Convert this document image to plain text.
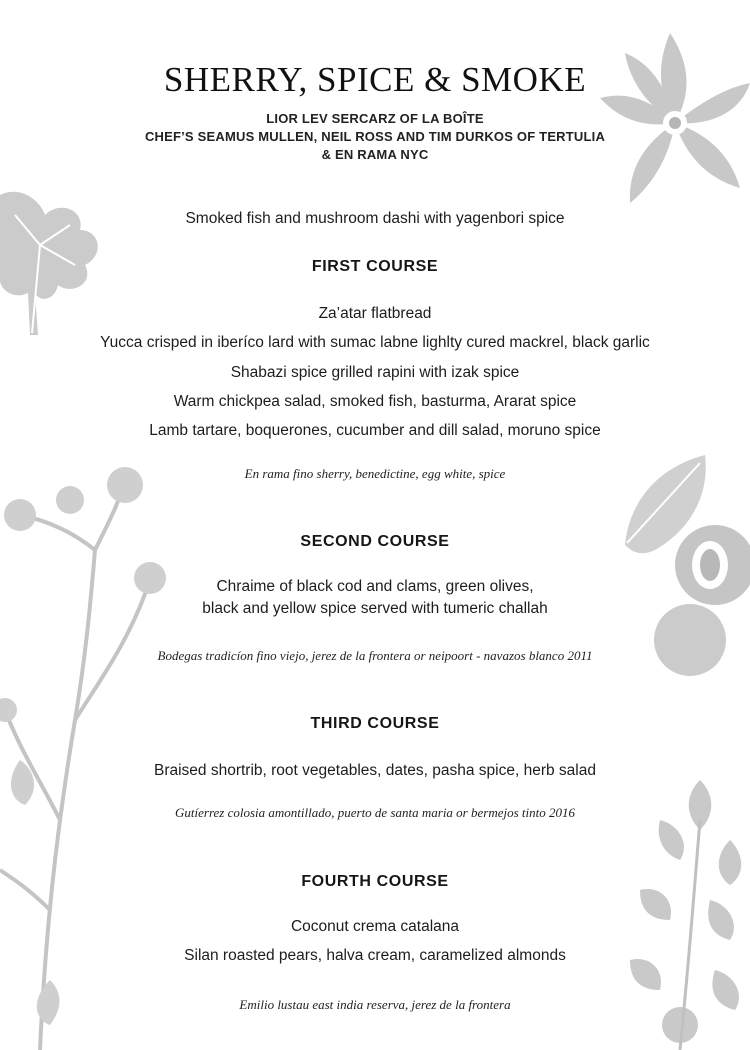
SHERRY, SPICE & SMOKE
LIOR LEV SERCARZ OF LA BOÎTE
CHEF’S SEAMUS MULLEN, NEIL ROSS AND TIM DURKOS OF TERTULIA
& EN RAMA NYC
Smoked fish and mushroom dashi with yagenbori spice
FIRST COURSE
Za’atar flatbread
Yucca crisped in iberíco lard with sumac labne lighlty cured mackrel, black garlic
Shabazi spice grilled rapini with izak spice
Warm chickpea salad, smoked fish, basturma, Ararat spice
Lamb tartare, boquerones, cucumber and dill salad, moruno spice
En rama fino sherry, benedictine, egg white, spice
SECOND COURSE
Chraime of black cod and clams, green olives,
black and yellow spice served with tumeric challah
Bodegas tradicíon fino viejo, jerez de la frontera or neipoort - navazos blanco 2011
THIRD COURSE
Braised shortrib, root vegetables, dates, pasha spice, herb salad
Gutíerrez colosia amontillado, puerto de santa maria or bermejos tinto 2016
FOURTH COURSE
Coconut crema catalana
Silan roasted pears, halva cream, caramelized almonds
Emilio lustau east india reserva, jerez de la frontera
